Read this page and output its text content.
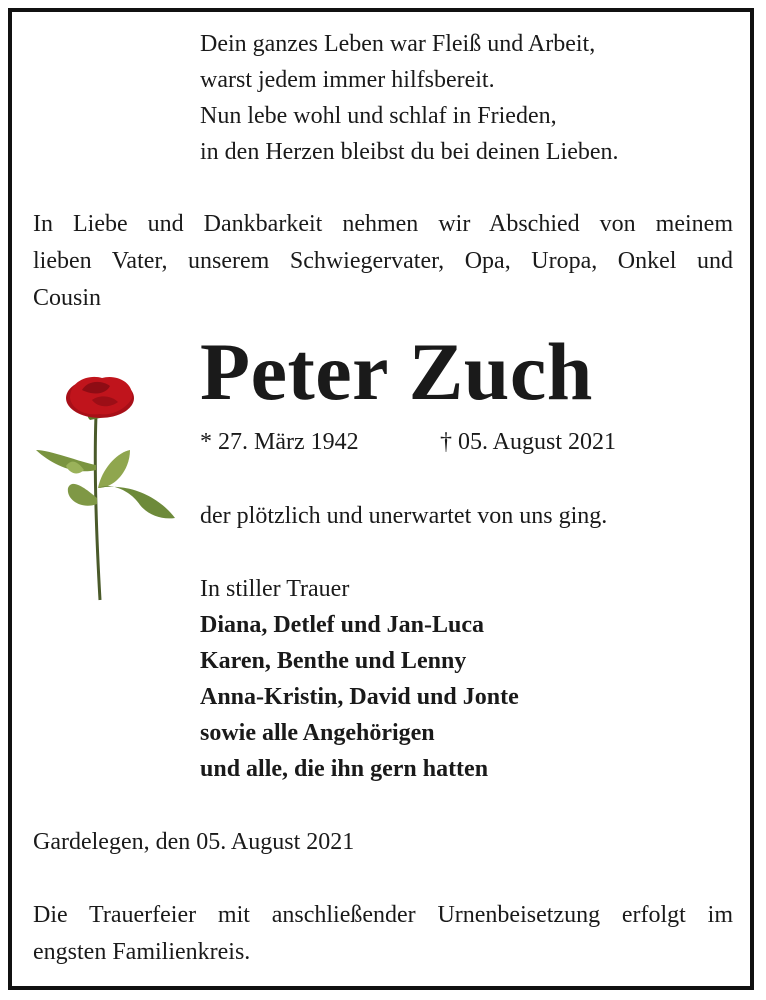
Dein ganzes Leben war Fleiß und Arbeit,
warst jedem immer hilfsbereit.
Nun lebe wohl und schlaf in Frieden,
in den Herzen bleibst du bei deinen Lieben.
In Liebe und Dankbarkeit nehmen wir Abschied von meinem
lieben Vater, unserem Schwiegervater, Opa, Uropa, Onkel und
Cousin
Peter Zuch
* 27. März 1942	† 05. August 2021
der plötzlich und unerwartet von uns ging.
In stiller Trauer
Diana, Detlef und Jan-Luca
Karen, Benthe und Lenny
Anna-Kristin, David und Jonte
sowie alle Angehörigen
und alle, die ihn gern hatten
Gardelegen, den 05. August 2021
Die Trauerfeier mit anschließender Urnenbeisetzung erfolgt im
engsten Familienkreis.
